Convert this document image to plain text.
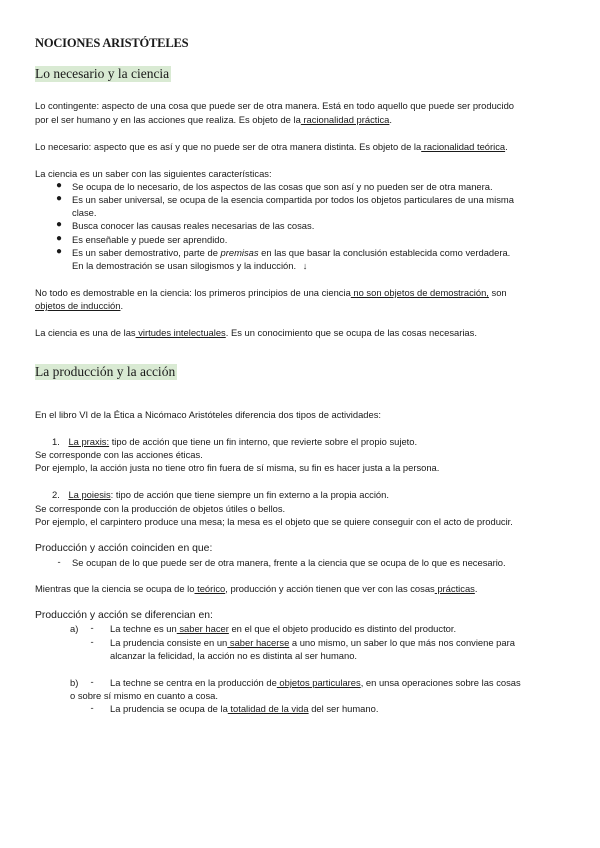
NOCIONES ARISTÓTELES
Lo necesario y la ciencia
Lo contingente: aspecto de una cosa que puede ser de otra manera. Está en todo aquello que puede ser producido
por el ser humano y en las acciones que realiza. Es objeto de la racionalidad práctica.
Lo necesario: aspecto que es así y que no puede ser de otra manera distinta. Es objeto de la racionalidad teórica.
La ciencia es un saber con las siguientes características:
● Se ocupa de lo necesario, de los aspectos de las cosas que son así y no pueden ser de otra manera.
● Es un saber universal, se ocupa de la esencia compartida por todos los objetos particulares de una misma
clase.
● Busca conocer las causas reales necesarias de las cosas.
● Es enseñable y puede ser aprendido.
● Es un saber demostrativo, parte de premisas en las que basar la conclusión establecida como verdadera.
En la demostración se usan silogismos y la inducción. ↓
No todo es demostrable en la ciencia: los primeros principios de una ciencia no son objetos de demostración, son
objetos de inducción.
La ciencia es una de las virtudes intelectuales. Es un conocimiento que se ocupa de las cosas necesarias.
La producción y la acción
En el libro VI de la Ética a Nicómaco Aristóteles diferencia dos tipos de actividades:
1. La praxis: tipo de acción que tiene un fin interno, que revierte sobre el propio sujeto.
Se corresponde con las acciones éticas.
Por ejemplo, la acción justa no tiene otro fin fuera de sí misma, su fin es hacer justa a la persona.
2. La poiesis: tipo de acción que tiene siempre un fin externo a la propia acción.
Se corresponde con la producción de objetos útiles o bellos.
Por ejemplo, el carpintero produce una mesa; la mesa es el objeto que se quiere conseguir con el acto de producir.
Producción y acción coinciden en que:
- Se ocupan de lo que puede ser de otra manera, frente a la ciencia que se ocupa de lo que es necesario.
Mientras que la ciencia se ocupa de lo teórico, producción y acción tienen que ver con las cosas prácticas.
Producción y acción se diferencian en:
a)	- La techne es un saber hacer en el que el objeto producido es distinto del productor.
- La prudencia consiste en un saber hacerse a uno mismo, un saber lo que más nos conviene para
alcanzar la felicidad, la acción no es distinta al ser humano.
b)	- La techne se centra en la producción de objetos particulares, en unsa operaciones sobre las cosas
o sobre sí mismo en cuanto a cosa.
- La prudencia se ocupa de la totalidad de la vida del ser humano.
